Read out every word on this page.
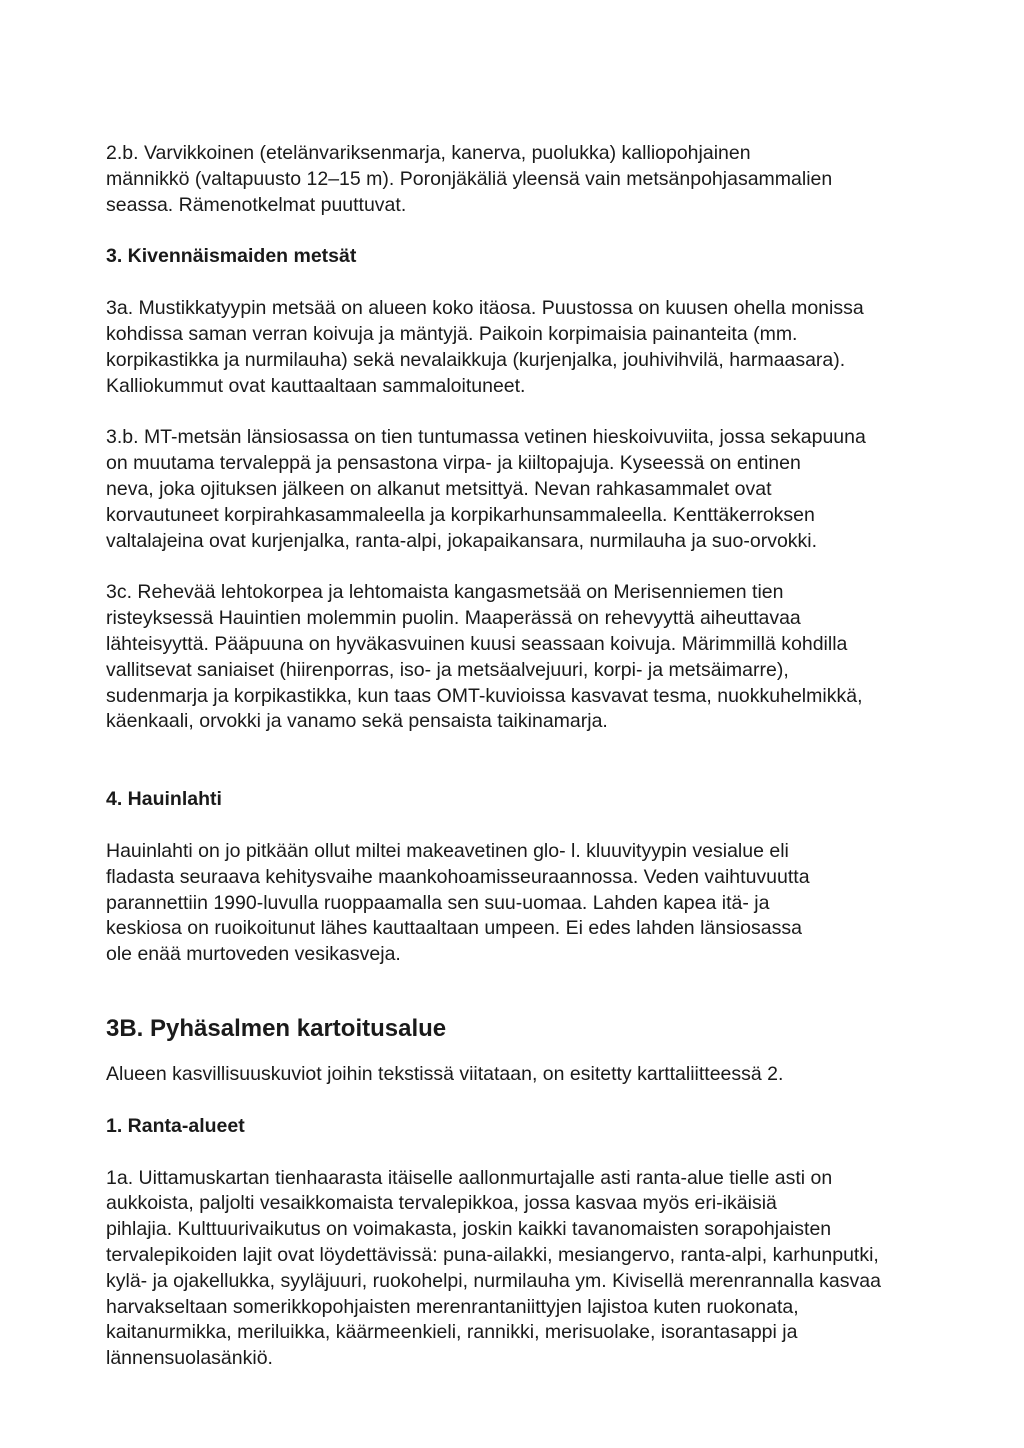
2.b. Varvikkoinen (etelänvariksenmarja, kanerva, puolukka) kalliopohjainen
männikkö (valtapuusto 12–15 m). Poronjäkäliä yleensä vain metsänpohjasammalien
seassa. Rämenotkelmat puuttuvat.

3. Kivennäismaiden metsät

3a. Mustikkatyypin metsää on alueen koko itäosa. Puustossa on kuusen ohella monissa
kohdissa saman verran koivuja ja mäntyjä. Paikoin korpimaisia painanteita (mm.
korpikastikka ja nurmilauha) sekä nevalaikkuja (kurjenjalka, jouhivihvilä, harmaasara).
Kalliokummut ovat kauttaaltaan sammaloituneet.

3.b. MT-metsän länsiosassa on tien tuntumassa vetinen hieskoivuviita, jossa sekapuuna
on muutama tervaleppä ja pensastona virpa- ja kiiltopajuja. Kyseessä on entinen
neva, joka ojituksen jälkeen on alkanut metsittyä. Nevan rahkasammalet ovat
korvautuneet korpirahkasammaleella ja korpikarhunsammaleella. Kenttäkerroksen
valtalajeina ovat kurjenjalka, ranta-alpi, jokapaikansara, nurmilauha ja suo-orvokki.

3c. Rehevää lehtokorpea ja lehtomaista kangasmetsää on Merisenniemen tien
risteyksessä Hauintien molemmin puolin. Maaperässä on rehevyyttä aiheuttavaa
lähteisyyttä. Pääpuuna on hyväkasvuinen kuusi seassaan koivuja. Märimmillä kohdilla
vallitsevat saniaiset (hiirenporras, iso- ja metsäalvejuuri, korpi- ja metsäimarre),
sudenmarja ja korpikastikka, kun taas OMT-kuvioissa kasvavat tesma, nuokkuhelmikkä,
käenkaali, orvokki ja vanamo sekä pensaista taikinamarja.

4. Hauinlahti

Hauinlahti on jo pitkään ollut miltei makeavetinen glo- l. kluuvityypin vesialue eli
fladasta seuraava kehitysvaihe maankohoamisseuraannossa. Veden vaihtuvuutta
parannettiin 1990-luvulla ruoppaamalla sen suu-uomaa. Lahden kapea itä- ja
keskiosa on ruoikoitunut lähes kauttaaltaan umpeen. Ei edes lahden länsiosassa
ole enää murtoveden vesikasveja.

3B. Pyhäsalmen kartoitusalue

Alueen kasvillisuuskuviot joihin tekstissä viitataan, on esitetty karttaliitteessä 2.

1. Ranta-alueet

1a. Uittamuskartan tienhaarasta itäiselle aallonmurtajalle asti ranta-alue tielle asti on
aukkoista, paljolti vesaikkomaista tervalepikkoa, jossa kasvaa myös eri-ikäisiä
pihlajia. Kulttuurivaikutus on voimakasta, joskin kaikki tavanomaisten sorapohjaisten
tervalepikoiden lajit ovat löydettävissä: puna-ailakki, mesiangervo, ranta-alpi, karhunputki,
kylä- ja ojakellukka, syyläjuuri, ruokohelpi, nurmilauha ym. Kivisellä merenrannalla kasvaa
harvakseltaan somerikkopohjaisten merenrantaniittyjen lajistoa kuten ruokonata,
kaitanurmikka, meriluikka, käärmeenkieli, rannikki, merisuolake, isorantasappi ja
lännensuolasänkiö.
